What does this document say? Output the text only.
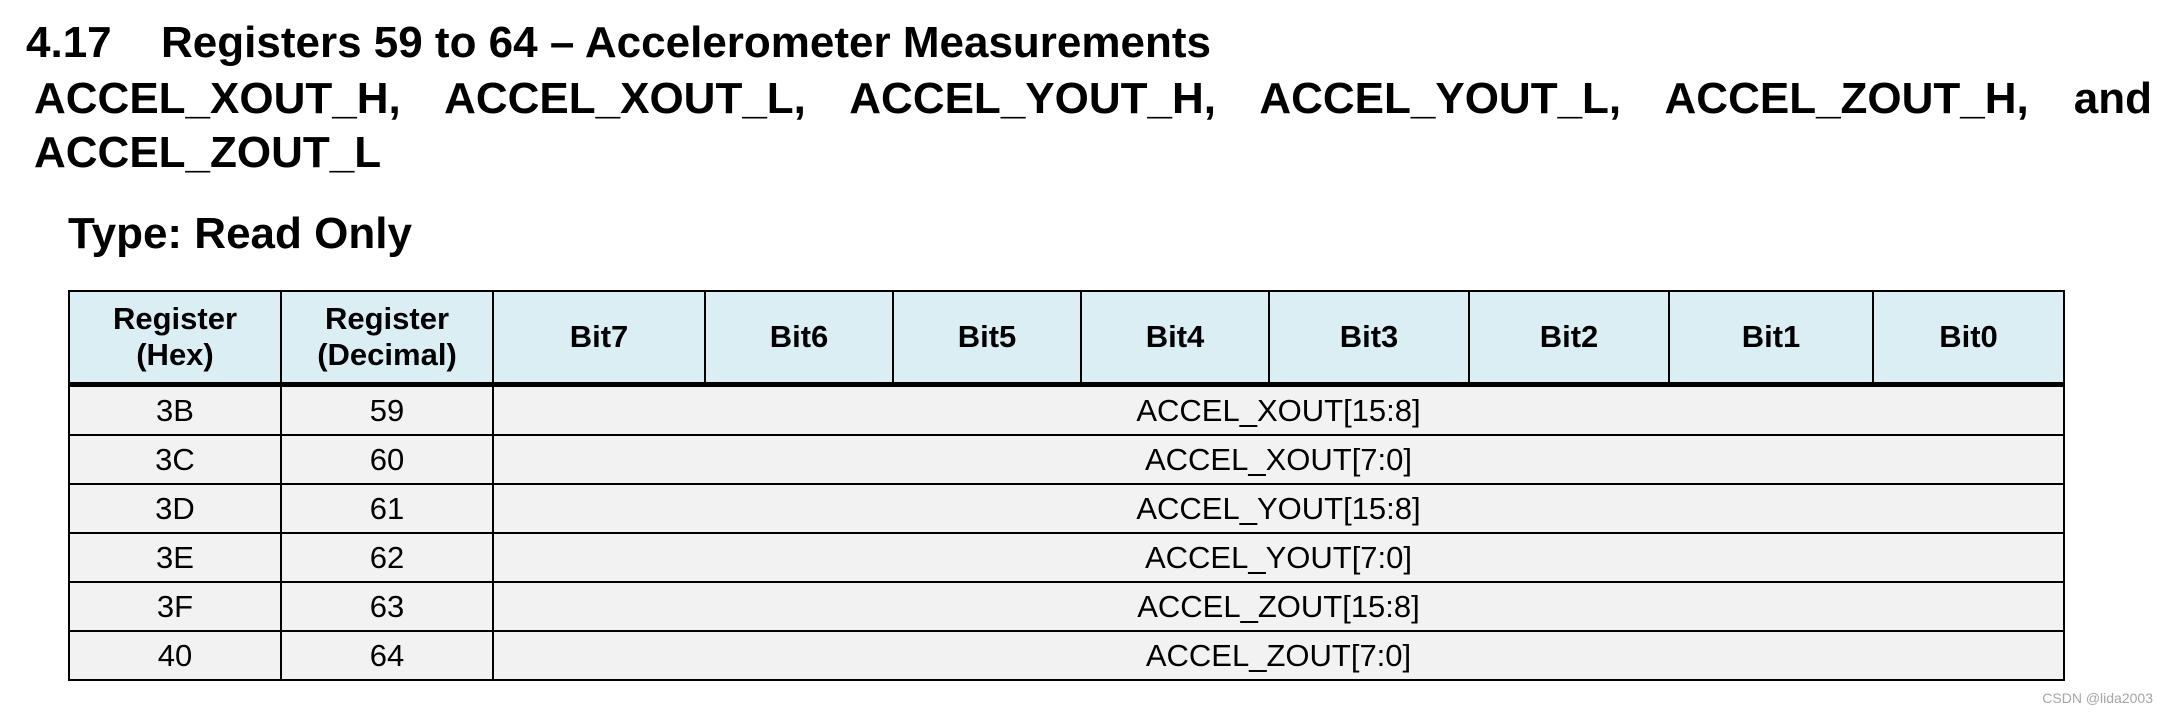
4.17 Registers 59 to 64 – Accelerometer Measurements

ACCEL_XOUT_H, ACCEL_XOUT_L, ACCEL_YOUT_H, ACCEL_YOUT_L, ACCEL_ZOUT_H, and

ACCEL_ZOUT_L

Type: Read Only

Register (Hex)	Register (Decimal)	Bit7	Bit6	Bit5	Bit4	Bit3	Bit2	Bit1	Bit0
3B	59	ACCEL_XOUT[15:8]							
3C	60	ACCEL_XOUT[7:0]							
3D	61	ACCEL_YOUT[15:8]							
3E	62	ACCEL_YOUT[7:0]							
3F	63	ACCEL_ZOUT[15:8]							
40	64	ACCEL_ZOUT[7:0]							
CSDN @lida2003
